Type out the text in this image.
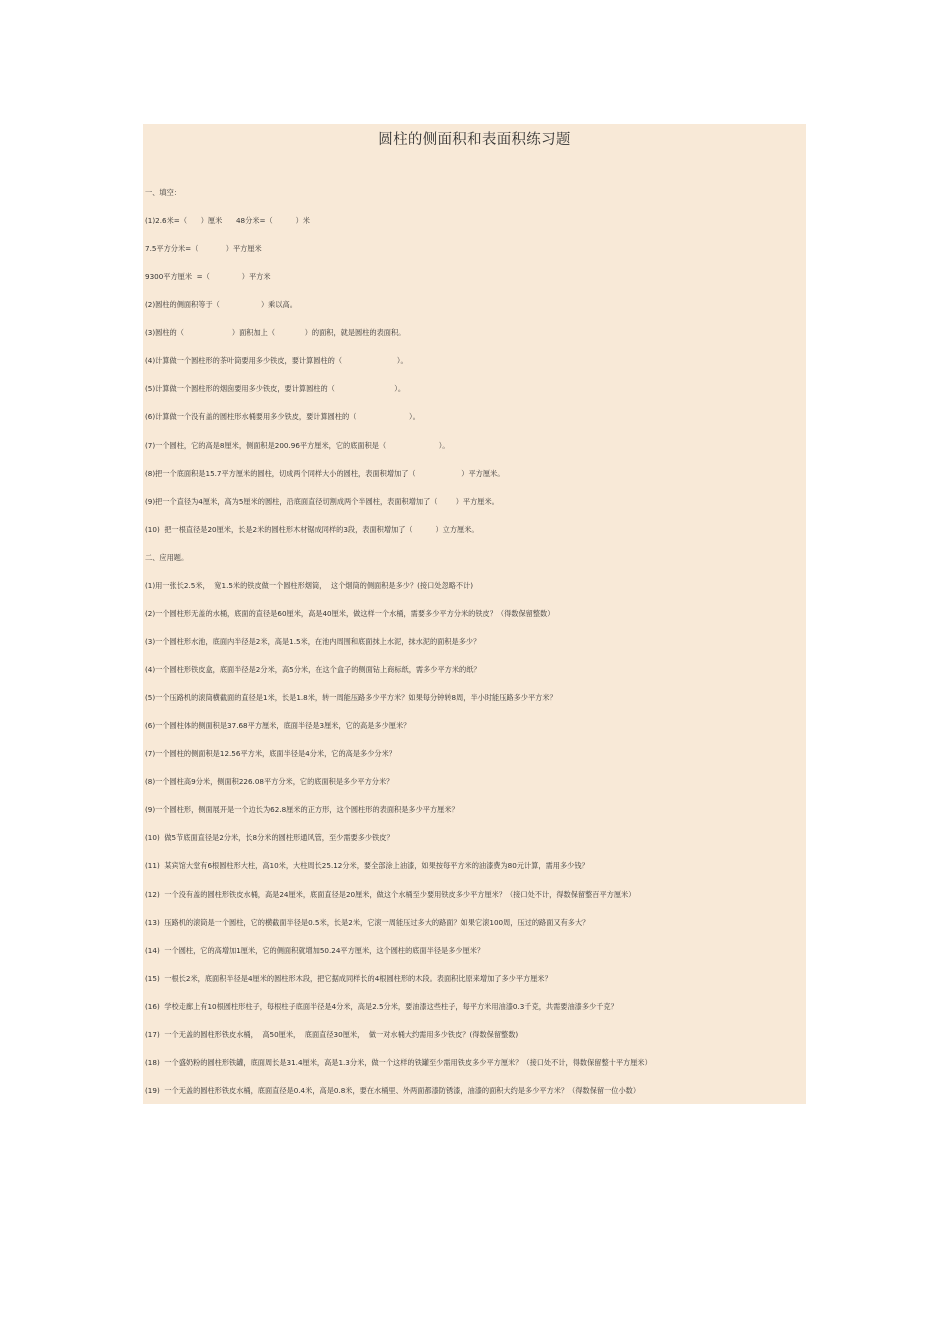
圆柱的侧面积和表面积练习题
一、填空：
(1)2.6米=（      ）厘米      48分米=（          ）米
7.5平方分米=（            ）平方厘米
9300平方厘米  =（              ）平方米
(2)圆柱的侧面积等于（                  ）乘以高。
(3)圆柱的（                     ）面积加上（             ）的面积，就是圆柱的表面积。
(4)计算做一个圆柱形的茶叶筒要用多少铁皮，要计算圆柱的（                        ）。
(5)计算做一个圆柱形的烟囱要用多少铁皮，要计算圆柱的（                          ）。
(6)计算做一个没有盖的圆柱形水桶要用多少铁皮，要计算圆柱的（                       ）。
(7)一个圆柱，它的高是8厘米，侧面积是200.96平方厘米，它的底面积是（                       ）。
(8)把一个底面积是15.7平方厘米的圆柱，切成两个同样大小的圆柱，表面积增加了（                    ）平方厘米。
(9)把一个直径为4厘米，高为5厘米的圆柱，沿底面直径切割成两个半圆柱，表面积增加了（        ）平方厘米。
(10)  把一根直径是20厘米，长是2米的圆柱形木材锯成同样的3段，表面积增加了（          ）立方厘米。
二、应用题。
(1)用一张长2.5米，  宽1.5米的铁皮做一个圆柱形烟筒，  这个烟筒的侧面积是多少？(接口处忽略不计)
(2)一个圆柱形无盖的水桶，底面的直径是60厘米，高是40厘米，做这样一个水桶，需要多少平方分米的铁皮？（得数保留整数）
(3)一个圆柱形水池，底面内半径是2米，高是1.5米，在池内周围和底面抹上水泥，抹水泥的面积是多少？
(4)一个圆柱形铁皮盒，底面半径是2分米，高5分米，在这个盒子的侧面钻上商标纸，需多少平方米的纸？
(5)一个压路机的滚筒横截面的直径是1米，长是1.8米，转一周能压路多少平方米？如果每分钟转8周，半小时能压路多少平方米？
(6)一个圆柱体的侧面积是37.68平方厘米，底面半径是3厘米，它的高是多少厘米？
(7)一个圆柱的侧面积是12.56平方米，底面半径是4分米，它的高是多少分米？
(8)一个圆柱高9分米，侧面积226.08平方分米，它的底面积是多少平方分米？
(9)一个圆柱形，侧面展开是一个边长为62.8厘米的正方形，这个圆柱形的表面积是多少平方厘米？
(10)  做5节底面直径是2分米，长8分米的圆柱形通风管，至少需要多少铁皮？
(11)  某宾馆大堂有6根圆柱形大柱，高10米，大柱周长25.12分米，要全部涂上油漆，如果按每平方米的油漆费为80元计算，需用多少钱？
(12)  一个没有盖的圆柱形铁皮水桶，高是24厘米，底面直径是20厘米，做这个水桶至少要用铁皮多少平方厘米？（接口处不计，得数保留整百平方厘米）
(13)  压路机的滚筒是一个圆柱，它的横截面半径是0.5米，长是2米，它滚一周能压过多大的路面？如果它滚100周，压过的路面又有多大？
(14)  一个圆柱，它的高增加1厘米，它的侧面积就增加50.24平方厘米，这个圆柱的底面半径是多少厘米？
(15)  一根长2米，底面积半径是4厘米的圆柱形木段，把它据成同样长的4根圆柱形的木段。表面积比原来增加了多少平方厘米？
(16)  学校走廊上有10根圆柱形柱子，每根柱子底面半径是4分米，高是2.5分米，要油漆这些柱子，每平方米用油漆0.3千克，共需要油漆多少千克？
(17)  一个无盖的圆柱形铁皮水桶，  高50厘米，  底面直径30厘米，  做一对水桶大约需用多少铁皮？(得数保留整数)
(18)  一个盛奶粉的圆柱形铁罐，底面周长是31.4厘米，高是1.3分米，做一个这样的铁罐至少需用铁皮多少平方厘米？（接口处不计，得数保留整十平方厘米）
(19)  一个无盖的圆柱形铁皮水桶，底面直径是0.4米，高是0.8米，要在水桶里、外两面都漆防锈漆，油漆的面积大约是多少平方米？（得数保留一位小数）
